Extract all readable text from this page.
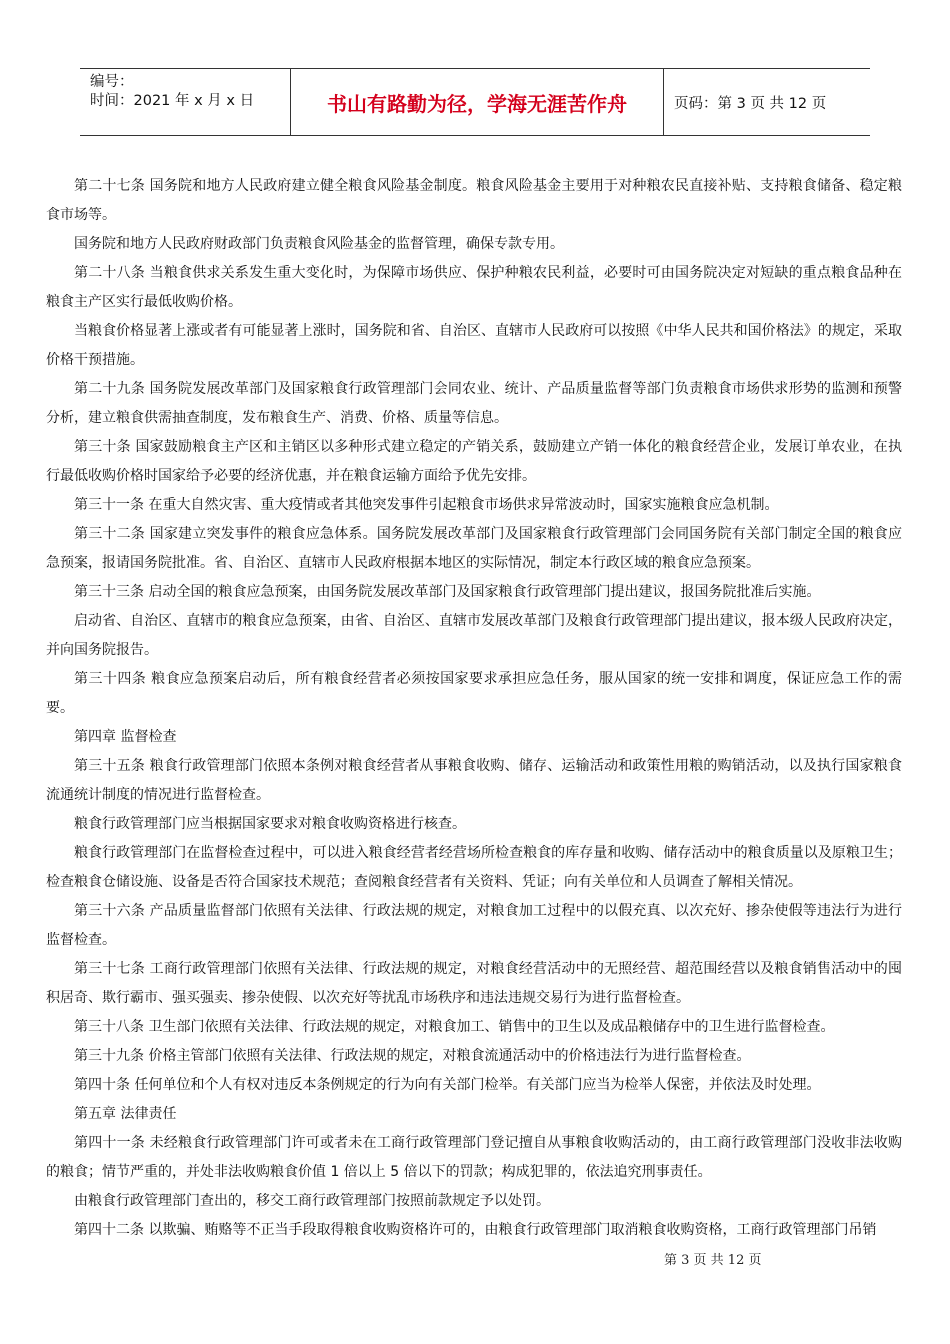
编号：
时间：2021 年 x 月 x 日	书山有路勤为径，学海无涯苦作舟	页码：第 3 页 共 12 页

第二十七条 国务院和地方人民政府建立健全粮食风险基金制度。粮食风险基金主要用于对种粮农民直接补贴、支持粮食储备、稳定粮食市场等。

国务院和地方人民政府财政部门负责粮食风险基金的监督管理，确保专款专用。

第二十八条 当粮食供求关系发生重大变化时，为保障市场供应、保护种粮农民利益，必要时可由国务院决定对短缺的重点粮食品种在粮食主产区实行最低收购价格。

当粮食价格显著上涨或者有可能显著上涨时，国务院和省、自治区、直辖市人民政府可以按照《中华人民共和国价格法》的规定，采取价格干预措施。

第二十九条 国务院发展改革部门及国家粮食行政管理部门会同农业、统计、产品质量监督等部门负责粮食市场供求形势的监测和预警分析，建立粮食供需抽查制度，发布粮食生产、消费、价格、质量等信息。

第三十条 国家鼓励粮食主产区和主销区以多种形式建立稳定的产销关系，鼓励建立产销一体化的粮食经营企业，发展订单农业，在执行最低收购价格时国家给予必要的经济优惠，并在粮食运输方面给予优先安排。

第三十一条 在重大自然灾害、重大疫情或者其他突发事件引起粮食市场供求异常波动时，国家实施粮食应急机制。

第三十二条 国家建立突发事件的粮食应急体系。国务院发展改革部门及国家粮食行政管理部门会同国务院有关部门制定全国的粮食应急预案，报请国务院批准。省、自治区、直辖市人民政府根据本地区的实际情况，制定本行政区域的粮食应急预案。

第三十三条 启动全国的粮食应急预案，由国务院发展改革部门及国家粮食行政管理部门提出建议，报国务院批准后实施。

启动省、自治区、直辖市的粮食应急预案，由省、自治区、直辖市发展改革部门及粮食行政管理部门提出建议，报本级人民政府决定，并向国务院报告。

第三十四条 粮食应急预案启动后，所有粮食经营者必须按国家要求承担应急任务，服从国家的统一安排和调度，保证应急工作的需要。

第四章 监督检查

第三十五条 粮食行政管理部门依照本条例对粮食经营者从事粮食收购、储存、运输活动和政策性用粮的购销活动，以及执行国家粮食流通统计制度的情况进行监督检查。

粮食行政管理部门应当根据国家要求对粮食收购资格进行核查。

粮食行政管理部门在监督检查过程中，可以进入粮食经营者经营场所检查粮食的库存量和收购、储存活动中的粮食质量以及原粮卫生；检查粮食仓储设施、设备是否符合国家技术规范；查阅粮食经营者有关资料、凭证；向有关单位和人员调查了解相关情况。

第三十六条 产品质量监督部门依照有关法律、行政法规的规定，对粮食加工过程中的以假充真、以次充好、掺杂使假等违法行为进行监督检查。

第三十七条 工商行政管理部门依照有关法律、行政法规的规定，对粮食经营活动中的无照经营、超范围经营以及粮食销售活动中的囤积居奇、欺行霸市、强买强卖、掺杂使假、以次充好等扰乱市场秩序和违法违规交易行为进行监督检查。

第三十八条 卫生部门依照有关法律、行政法规的规定，对粮食加工、销售中的卫生以及成品粮储存中的卫生进行监督检查。

第三十九条 价格主管部门依照有关法律、行政法规的规定，对粮食流通活动中的价格违法行为进行监督检查。

第四十条 任何单位和个人有权对违反本条例规定的行为向有关部门检举。有关部门应当为检举人保密，并依法及时处理。

第五章 法律责任

第四十一条 未经粮食行政管理部门许可或者未在工商行政管理部门登记擅自从事粮食收购活动的，由工商行政管理部门没收非法收购的粮食；情节严重的，并处非法收购粮食价值 1 倍以上 5 倍以下的罚款；构成犯罪的，依法追究刑事责任。

由粮食行政管理部门查出的，移交工商行政管理部门按照前款规定予以处罚。

第四十二条 以欺骗、贿赂等不正当手段取得粮食收购资格许可的，由粮食行政管理部门取消粮食收购资格，工商行政管理部门吊销

第 3 页 共 12 页
